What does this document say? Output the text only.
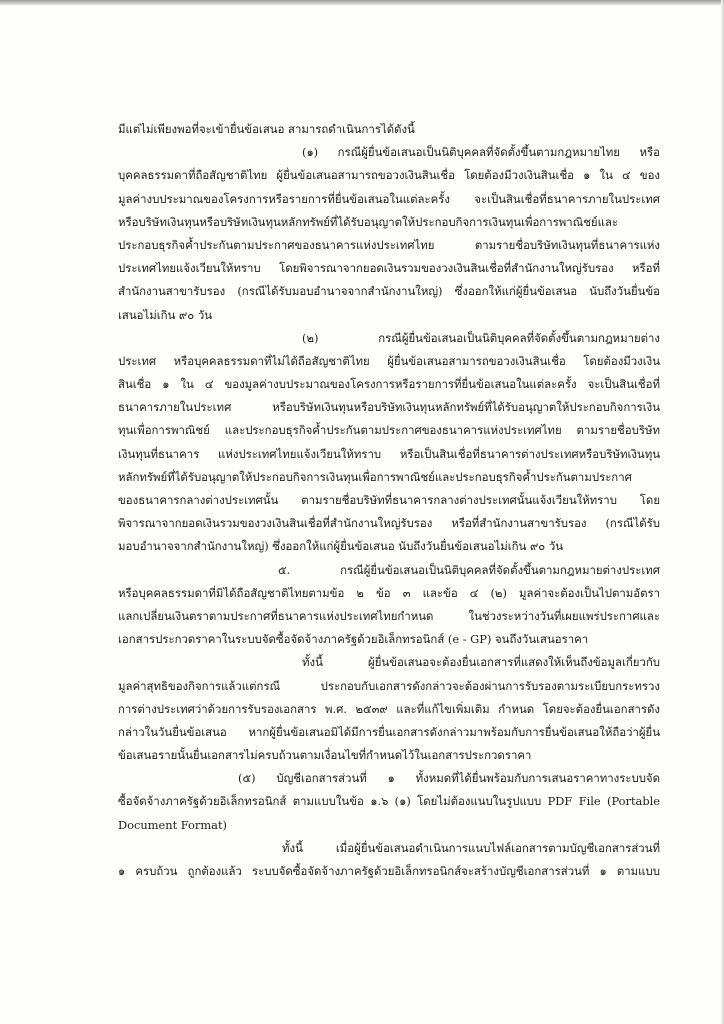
มีแต่ไม่เพียงพอที่จะเข้ายื่นข้อเสนอ สามารถดำเนินการได้ดังนี้
(๑) กรณีผู้ยื่นข้อเสนอเป็นนิติบุคคลที่จัดตั้งขึ้นตามกฎหมายไทย หรือ
บุคคลธรรมดาที่ถือสัญชาติไทย ผู้ยื่นข้อเสนอสามารถขอวงเงินสินเชื่อ โดยต้องมีวงเงินสินเชื่อ ๑ ใน ๔ ของ
มูลค่างบประมาณของโครงการหรือรายการที่ยื่นข้อเสนอในแต่ละครั้ง จะเป็นสินเชื่อที่ธนาคารภายในประเทศ
หรือบริษัทเงินทุนหรือบริษัทเงินทุนหลักทรัพย์ที่ได้รับอนุญาตให้ประกอบกิจการเงินทุนเพื่อการพาณิชย์และ
ประกอบธุรกิจค้ำประกันตามประกาศของธนาคารแห่งประเทศไทย ตามรายชื่อบริษัทเงินทุนที่ธนาคารแห่ง
ประเทศไทยแจ้งเวียนให้ทราบ โดยพิจารณาจากยอดเงินรวมของวงเงินสินเชื่อที่สำนักงานใหญ่รับรอง หรือที่
สำนักงานสาขารับรอง (กรณีได้รับมอบอำนาจจากสำนักงานใหญ่) ซึ่งออกให้แก่ผู้ยื่นข้อเสนอ นับถึงวันยื่นข้อ
เสนอไม่เกิน ๙๐ วัน
(๒) กรณีผู้ยื่นข้อเสนอเป็นนิติบุคคลที่จัดตั้งขึ้นตามกฎหมายต่าง
ประเทศ หรือบุคคลธรรมดาที่ไม่ได้ถือสัญชาติไทย ผู้ยื่นข้อเสนอสามารถขอวงเงินสินเชื่อ โดยต้องมีวงเงิน
สินเชื่อ ๑ ใน ๔ ของมูลค่างบประมาณของโครงการหรือรายการที่ยื่นข้อเสนอในแต่ละครั้ง จะเป็นสินเชื่อที่
ธนาคารภายในประเทศ หรือบริษัทเงินทุนหรือบริษัทเงินทุนหลักทรัพย์ที่ได้รับอนุญาตให้ประกอบกิจการเงิน
ทุนเพื่อการพาณิชย์ และประกอบธุรกิจค้ำประกันตามประกาศของธนาคารแห่งประเทศไทย ตามรายชื่อบริษัท
เงินทุนที่ธนาคาร แห่งประเทศไทยแจ้งเวียนให้ทราบ หรือเป็นสินเชื่อที่ธนาคารต่างประเทศหรือบริษัทเงินทุน
หลักทรัพย์ที่ได้รับอนุญาตให้ประกอบกิจการเงินทุนเพื่อการพาณิชย์และประกอบธุรกิจค้ำประกันตามประกาศ
ของธนาคารกลางต่างประเทศนั้น ตามรายชื่อบริษัทที่ธนาคารกลางต่างประเทศนั้นแจ้งเวียนให้ทราบ โดย
พิจารณาจากยอดเงินรวมของวงเงินสินเชื่อที่สำนักงานใหญ่รับรอง หรือที่สำนักงานสาขารับรอง (กรณีได้รับ
มอบอำนาจจากสำนักงานใหญ่) ซึ่งออกให้แก่ผู้ยื่นข้อเสนอ นับถึงวันยื่นข้อเสนอไม่เกิน ๙๐ วัน
๕. กรณีผู้ยื่นข้อเสนอเป็นนิติบุคคลที่จัดตั้งขึ้นตามกฎหมายต่างประเทศ
หรือบุคคลธรรมดาที่มิได้ถือสัญชาติไทยตามข้อ ๒ ข้อ ๓ และข้อ ๔ (๒) มูลค่าจะต้องเป็นไปตามอัตรา
แลกเปลี่ยนเงินตราตามประกาศที่ธนาคารแห่งประเทศไทยกำหนด ในช่วงระหว่างวันที่เผยแพร่ประกาศและ
เอกสารประกวดราคาในระบบจัดซื้อจัดจ้างภาครัฐด้วยอิเล็กทรอนิกส์ (e - GP) จนถึงวันเสนอราคา
ทั้งนี้ ผู้ยื่นข้อเสนอจะต้องยื่นเอกสารที่แสดงให้เห็นถึงข้อมูลเกี่ยวกับ
มูลค่าสุทธิของกิจการแล้วแต่กรณี ประกอบกับเอกสารดังกล่าวจะต้องผ่านการรับรองตามระเบียบกระทรวง
การต่างประเทศว่าด้วยการรับรองเอกสาร พ.ศ. ๒๕๓๙ และที่แก้ไขเพิ่มเติม กำหนด โดยจะต้องยื่นเอกสารดัง
กล่าวในวันยื่นข้อเสนอ หากผู้ยื่นข้อเสนอมิได้มีการยื่นเอกสารดังกล่าวมาพร้อมกับการยื่นข้อเสนอให้ถือว่าผู้ยื่น
ข้อเสนอรายนั้นยื่นเอกสารไม่ครบถ้วนตามเงื่อนไขที่กำหนดไว้ในเอกสารประกวดราคา
(๕) บัญชีเอกสารส่วนที่ ๑ ทั้งหมดที่ได้ยื่นพร้อมกับการเสนอราคาทางระบบจัด
ซื้อจัดจ้างภาครัฐด้วยอิเล็กทรอนิกส์ ตามแบบในข้อ ๑.๖ (๑) โดยไม่ต้องแนบในรูปแบบ PDF File (Portable
Document Format)
ทั้งนี้ เมื่อผู้ยื่นข้อเสนอดำเนินการแนบไฟล์เอกสารตามบัญชีเอกสารส่วนที่
๑ ครบถ้วน ถูกต้องแล้ว ระบบจัดซื้อจัดจ้างภาครัฐด้วยอิเล็กทรอนิกส์จะสร้างบัญชีเอกสารส่วนที่ ๑ ตามแบบ
